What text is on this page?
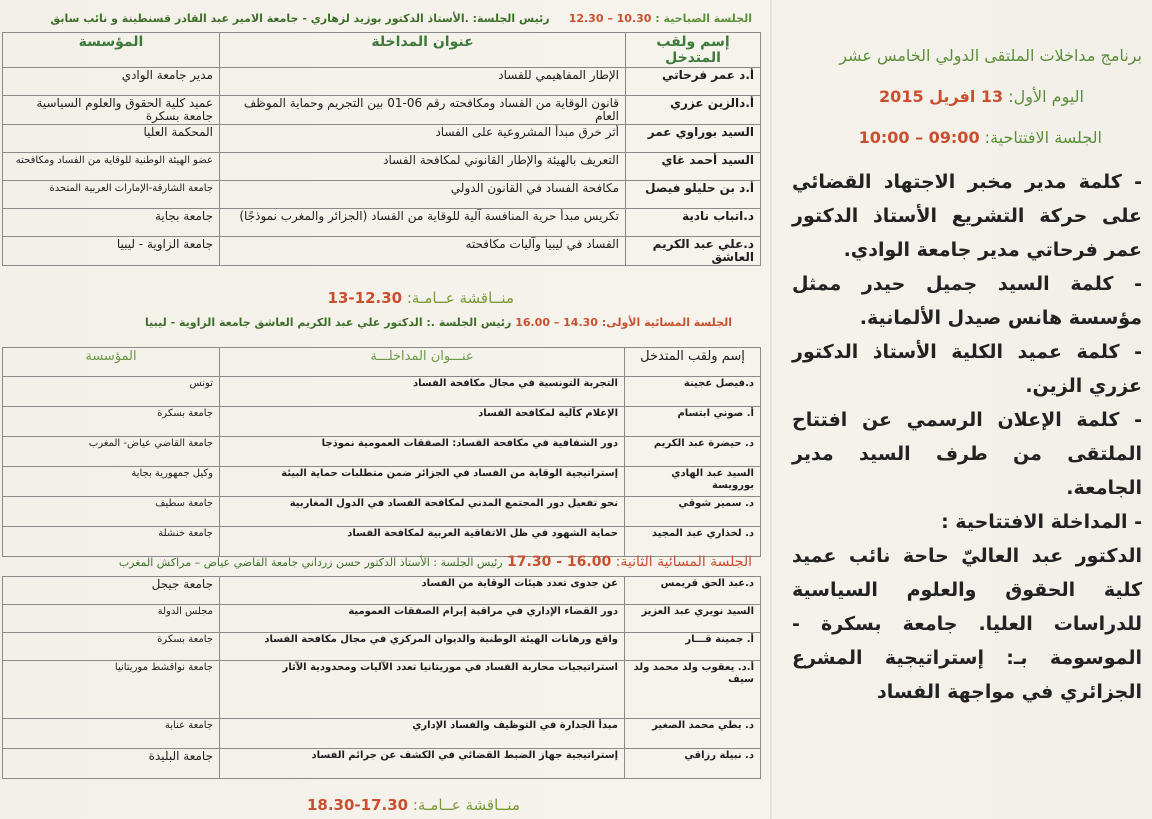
الجلسة الصباحية : 10.30 – 12.30     رئيس الجلسة: .الأستاذ الدكتور بوزيد لزهاري - جامعة الامير عبد القادر قسنطينة و نائب سابق
إسم ولقب المتدخل	عنوان المداخلة	المؤسسة
أ.د عمر فرحاتي	الإطار المفاهيمي للفساد	مدير جامعة الوادي
أ.دالزين عزري	قانون الوقاية من الفساد ومكافحته رقم 06-01 بين التجريم وحماية الموظف العام	عميد كلية الحقوق والعلوم السياسية جامعة بسكرة
السيد بوراوي عمر	أثر خرق مبدأ المشروعية على الفساد	المحكمة العليا
السيد أحمد غاي	التعريف بالهيئة والإطار القانوني لمكافحة الفساد	عضو الهيئة الوطنية للوقاية من الفساد ومكافحته
أ.د بن حليلو فيصل	مكافحة الفساد في القانون الدولي	جامعة الشارقة-الإمارات العربية المتحدة
د.اتباب نادية	تكريس مبدأ حرية المنافسة آلية للوقاية من الفساد (الجزائر والمغرب نموذجًا)	جامعة بجاية
د.علي عبد الكريم العاشق	الفساد في ليبيا وآليات مكافحته	جامعة الزاوية - ليبيا
منــاقشة عــامـة: 12.30-13
الجلسة المسائية الأولى: 14.30 – 16.00 رئيس الجلسة .: الدكتور علي عبد الكريم العاشق جامعة الزاوية - ليبيا
إسم ولقب المتدخل	عنـــوان المداخلـــة	المؤسسة
د.فيصل عجينة	التجربة التونسية في مجال مكافحة الفساد	تونس
أ. صوني ابتسام	الإعلام كآلية لمكافحة الفساد	جامعة بسكرة
د. حيضرة عبد الكريم	دور الشفافية في مكافحة الفساد: الصفقات العمومية نموذجا	جامعة القاضي عياض- المغرب
السيد عبد الهادي بورويسة	إستراتيجية الوقاية من الفساد في الجزائر ضمن متطلبات حماية البيئة	وكيل جمهورية بجاية
د. سمير شوقي	نحو تفعيل دور المجتمع المدني لمكافحة الفساد في الدول المغاربية	جامعة سطيف
د. لخذاري عبد المجيد	حماية الشهود في ظل الاتفاقية العربية لمكافحة الفساد	جامعة خنشلة
الجلسة المسائية الثانية: 16.00 - 17.30 رئيس الجلسة : الأستاذ الدكتور حسن زرداني جامعة القاضي عياض – مراكش المغرب
د.عبد الحق قريمس	عن جدوى تعدد هيئات الوقاية من الفساد	جامعة جيجل
السيد نويري عبد العزيز	دور القضاء الإداري في مراقبة إبرام الصفقات العمومية	مجلس الدولة
أ. جمينة قـــار	واقع ورهانات الهيئة الوطنية والديوان المركزي في مجال مكافحة الفساد	جامعة بسكرة
أ.د. يعقوب ولد محمد ولد سيف	استراتيجيات محاربة الفساد في موريتانيا تعدد الآليات ومحدودية الآثار	جامعة نواقشط موريتانيا
د. بطي محمد الصغير	مبدأ الجدارة في التوظيف والفساد الإداري	جامعة عنابة
د. نبيلة رزاقي	إستراتيجية جهاز الضبط القضائي في الكشف عن جرائم الفساد	جامعة البليدة
منــاقشة عــامـة: 17.30-18.30
برنامج مداخلات الملتقى الدولي الخامس عشر
اليوم الأول: 13 افريل 2015
الجلسة الافتتاحية: 09:00 – 10:00

- كلمة مدير مخبر الاجتهاد القضائي على حركة التشريع الأستاذ الدكتور عمر فرحاتي مدير جامعة الوادي.

- كلمة السيد جميل حيدر ممثل مؤسسة هانس صيدل الألمانية.

- كلمة عميد الكلية الأستاذ الدكتور عزري الزين.

- كلمة الإعلان الرسمي عن افتتاح الملتقى من طرف السيد مدير الجامعة.

- المداخلة الافتتاحية :

الدكتور عبد العاليّ حاحة نائب عميد كلية الحقوق والعلوم السياسية للدراسات العليا. جامعة بسكرة - الموسومة بـ: إستراتيجية المشرع الجزائري في مواجهة الفساد
